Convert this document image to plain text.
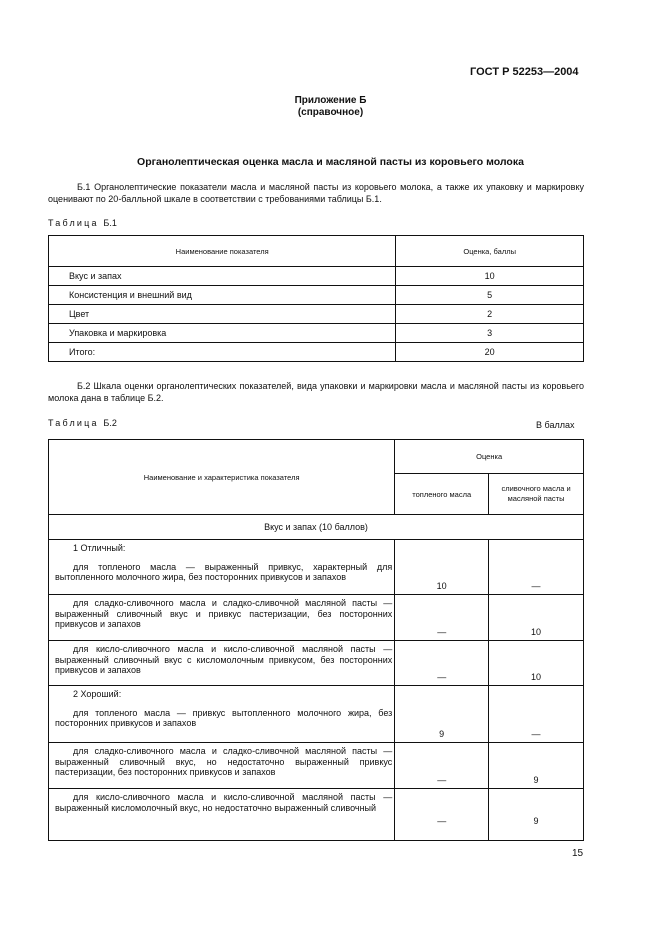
ГОСТ Р 52253—2004
Приложение Б
(справочное)
Органолептическая оценка масла и масляной пасты из коровьего молока
Б.1 Органолептические показатели масла и масляной пасты из коровьего молока, а также их упаковку и маркировку оценивают по 20-балльной шкале в соответствии с требованиями таблицы Б.1.
Таблица Б.1
Наименование показателя	Оценка, баллы
Вкус и запах	10
Консистенция и внешний вид	5
Цвет	2
Упаковка и маркировка	3
Итого:	20
Б.2 Шкала оценки органолептических показателей, вида упаковки и маркировки масла и масляной пасты из коровьего молока дана в таблице Б.2.
Таблица Б.2	В баллах
Наименование и характеристика показателя	Оценка	
	топленого масла	сливочного масла и масляной пасты
Вкус и запах (10 баллов)		

1 Отличный:
для топленого масла — выраженный привкус, характерный для вытопленного молочного жира, без посторонних привкусов и запахов	10	—
для сладко-сливочного масла и сладко-сливочной масляной пасты — выраженный сливочный вкус и привкус пастеризации, без посторонних привкусов и запахов	—	10
для кисло-сливочного масла и кисло-сливочной масляной пасты — выраженный сливочный вкус с кисломолочным привкусом, без посторонних привкусов и запахов	—	10

2 Хороший:
для топленого масла — привкус вытопленного молочного жира, без посторонних привкусов и запахов	9	—
для сладко-сливочного масла и сладко-сливочной масляной пасты — выраженный сливочный вкус, но недостаточно выраженный привкус пастеризации, без посторонних привкусов и запахов	—	9
для кисло-сливочного масла и кисло-сливочной масляной пасты — выраженный кисломолочный вкус, но недостаточно выраженный сливочный	—	9
15
